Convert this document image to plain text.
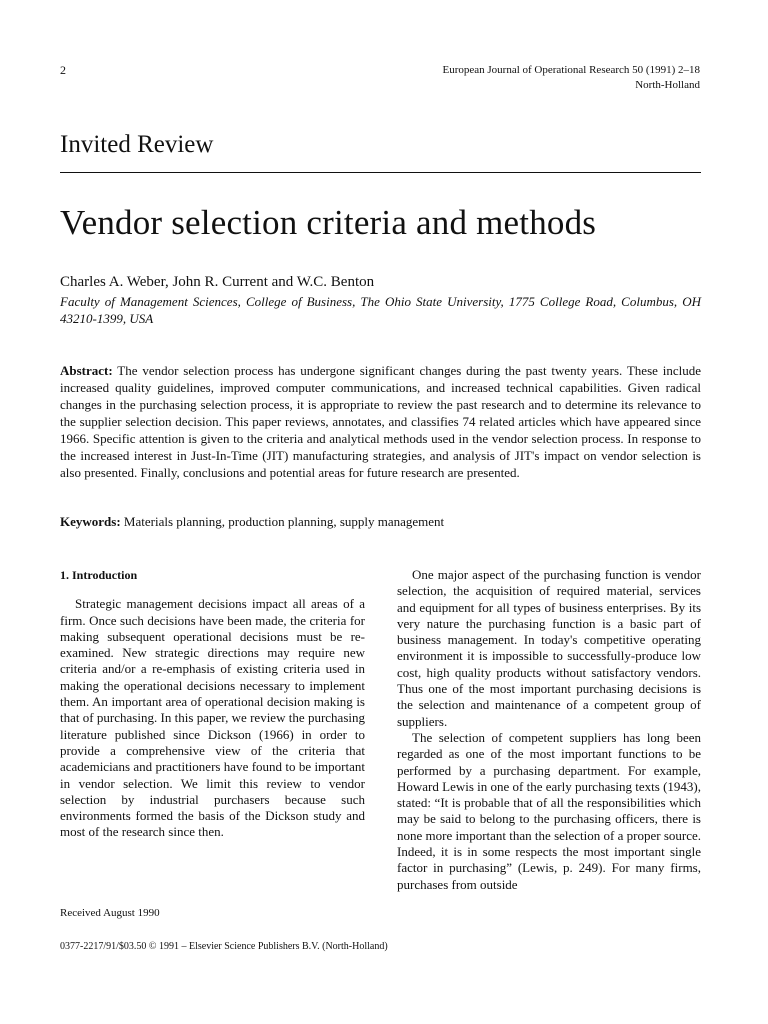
2	European Journal of Operational Research 50 (1991) 2–18
North-Holland
Invited Review
Vendor selection criteria and methods
Charles A. Weber, John R. Current and W.C. Benton
Faculty of Management Sciences, College of Business, The Ohio State University, 1775 College Road, Columbus, OH 43210-1399, USA
Abstract: The vendor selection process has undergone significant changes during the past twenty years. These include increased quality guidelines, improved computer communications, and increased technical capabilities. Given radical changes in the purchasing selection process, it is appropriate to review the past research and to determine its relevance to the supplier selection decision. This paper reviews, annotates, and classifies 74 related articles which have appeared since 1966. Specific attention is given to the criteria and analytical methods used in the vendor selection process. In response to the increased interest in Just-In-Time (JIT) manufacturing strategies, and analysis of JIT's impact on vendor selection is also presented. Finally, conclusions and potential areas for future research are presented.
Keywords: Materials planning, production planning, supply management
1. Introduction

Strategic management decisions impact all areas of a firm. Once such decisions have been made, the criteria for making subsequent operational decisions must be re-examined. New strategic directions may require new criteria and/or a re-emphasis of existing criteria used in making the operational decisions necessary to implement them. An important area of operational decision making is that of purchasing. In this paper, we review the purchasing literature published since Dickson (1966) in order to provide a comprehensive view of the criteria that academicians and practitioners have found to be important in vendor selection. We limit this review to vendor selection by industrial purchasers because such environments formed the basis of the Dickson study and most of the research since then.

One major aspect of the purchasing function is vendor selection, the acquisition of required material, services and equipment for all types of business enterprises. By its very nature the purchasing function is a basic part of business management. In today's competitive operating environment it is impossible to successfully-produce low cost, high quality products without satisfactory vendors. Thus one of the most important purchasing decisions is the selection and maintenance of a competent group of suppliers.

The selection of competent suppliers has long been regarded as one of the most important functions to be performed by a purchasing department. For example, Howard Lewis in one of the early purchasing texts (1943), stated: “It is probable that of all the responsibilities which may be said to belong to the purchasing officers, there is none more important than the selection of a proper source. Indeed, it is in some respects the most important single factor in purchasing” (Lewis, p. 249). For many firms, purchases from outside

Received August 1990
0377-2217/91/$03.50 © 1991 – Elsevier Science Publishers B.V. (North-Holland)
